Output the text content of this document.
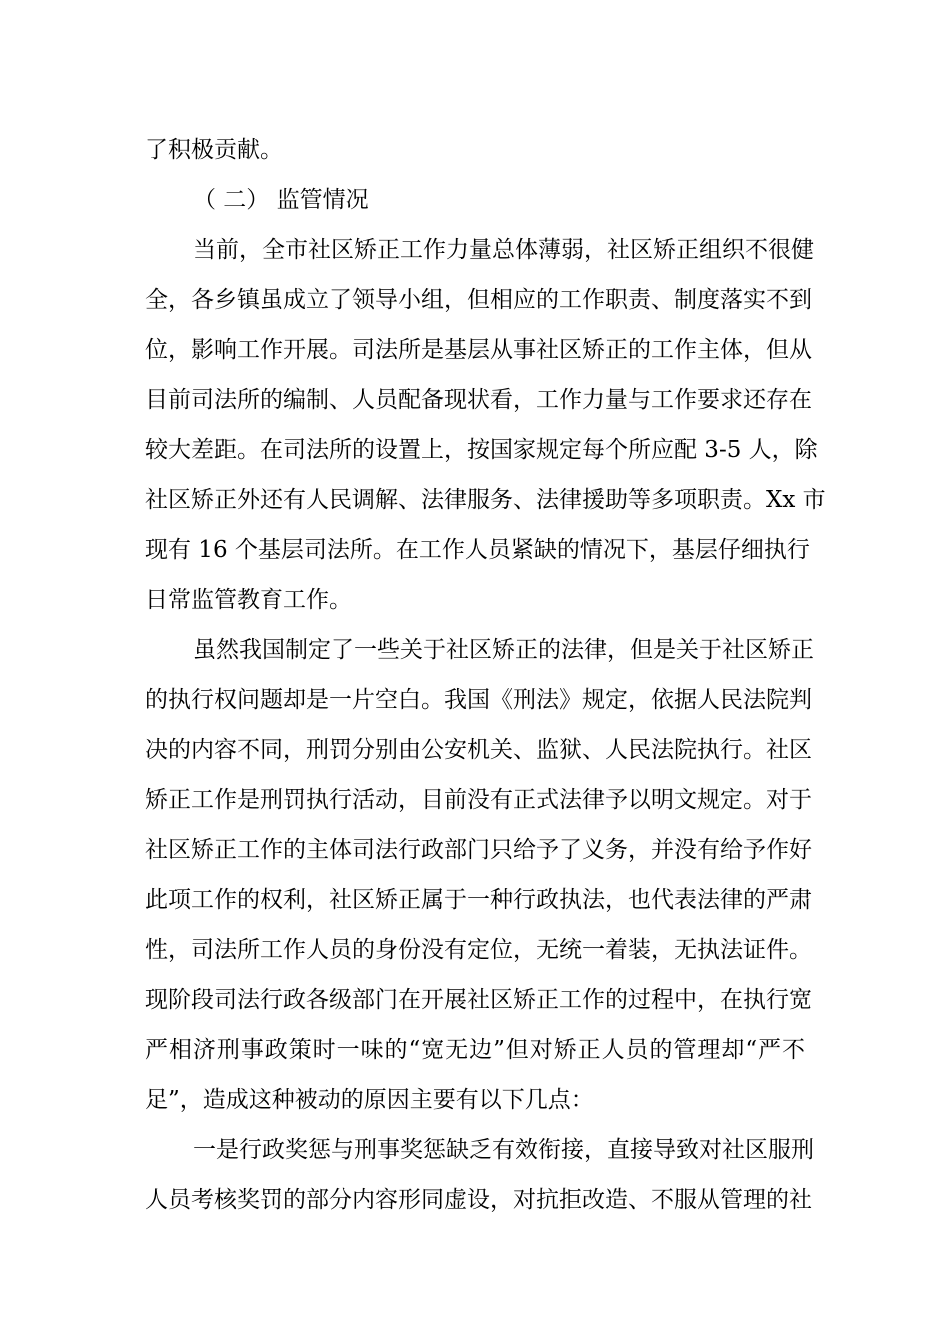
了积极贡献。
（ 二） 监管情况
当前，全市社区矫正工作力量总体薄弱，社区矫正组织不很健
全，各乡镇虽成立了领导小组，但相应的工作职责、制度落实不到
位，影响工作开展。司法所是基层从事社区矫正的工作主体，但从
目前司法所的编制、人员配备现状看，工作力量与工作要求还存在
较大差距。在司法所的设置上，按国家规定每个所应配 3-5 人，除
社区矫正外还有人民调解、法律服务、法律援助等多项职责。Xx 市
现有 16 个基层司法所。在工作人员紧缺的情况下，基层仔细执行
日常监管教育工作。
虽然我国制定了一些关于社区矫正的法律，但是关于社区矫正
的执行权问题却是一片空白。我国《刑法》规定，依据人民法院判
决的内容不同，刑罚分别由公安机关、监狱、人民法院执行。社区
矫正工作是刑罚执行活动，目前没有正式法律予以明文规定。对于
社区矫正工作的主体司法行政部门只给予了义务，并没有给予作好
此项工作的权利，社区矫正属于一种行政执法，也代表法律的严肃
性，司法所工作人员的身份没有定位，无统一着装，无执法证件。
现阶段司法行政各级部门在开展社区矫正工作的过程中，在执行宽
严相济刑事政策时一味的“宽无边”但对矫正人员的管理却“严不
足”，造成这种被动的原因主要有以下几点：
一是行政奖惩与刑事奖惩缺乏有效衔接，直接导致对社区服刑
人员考核奖罚的部分内容形同虚设，对抗拒改造、不服从管理的社
